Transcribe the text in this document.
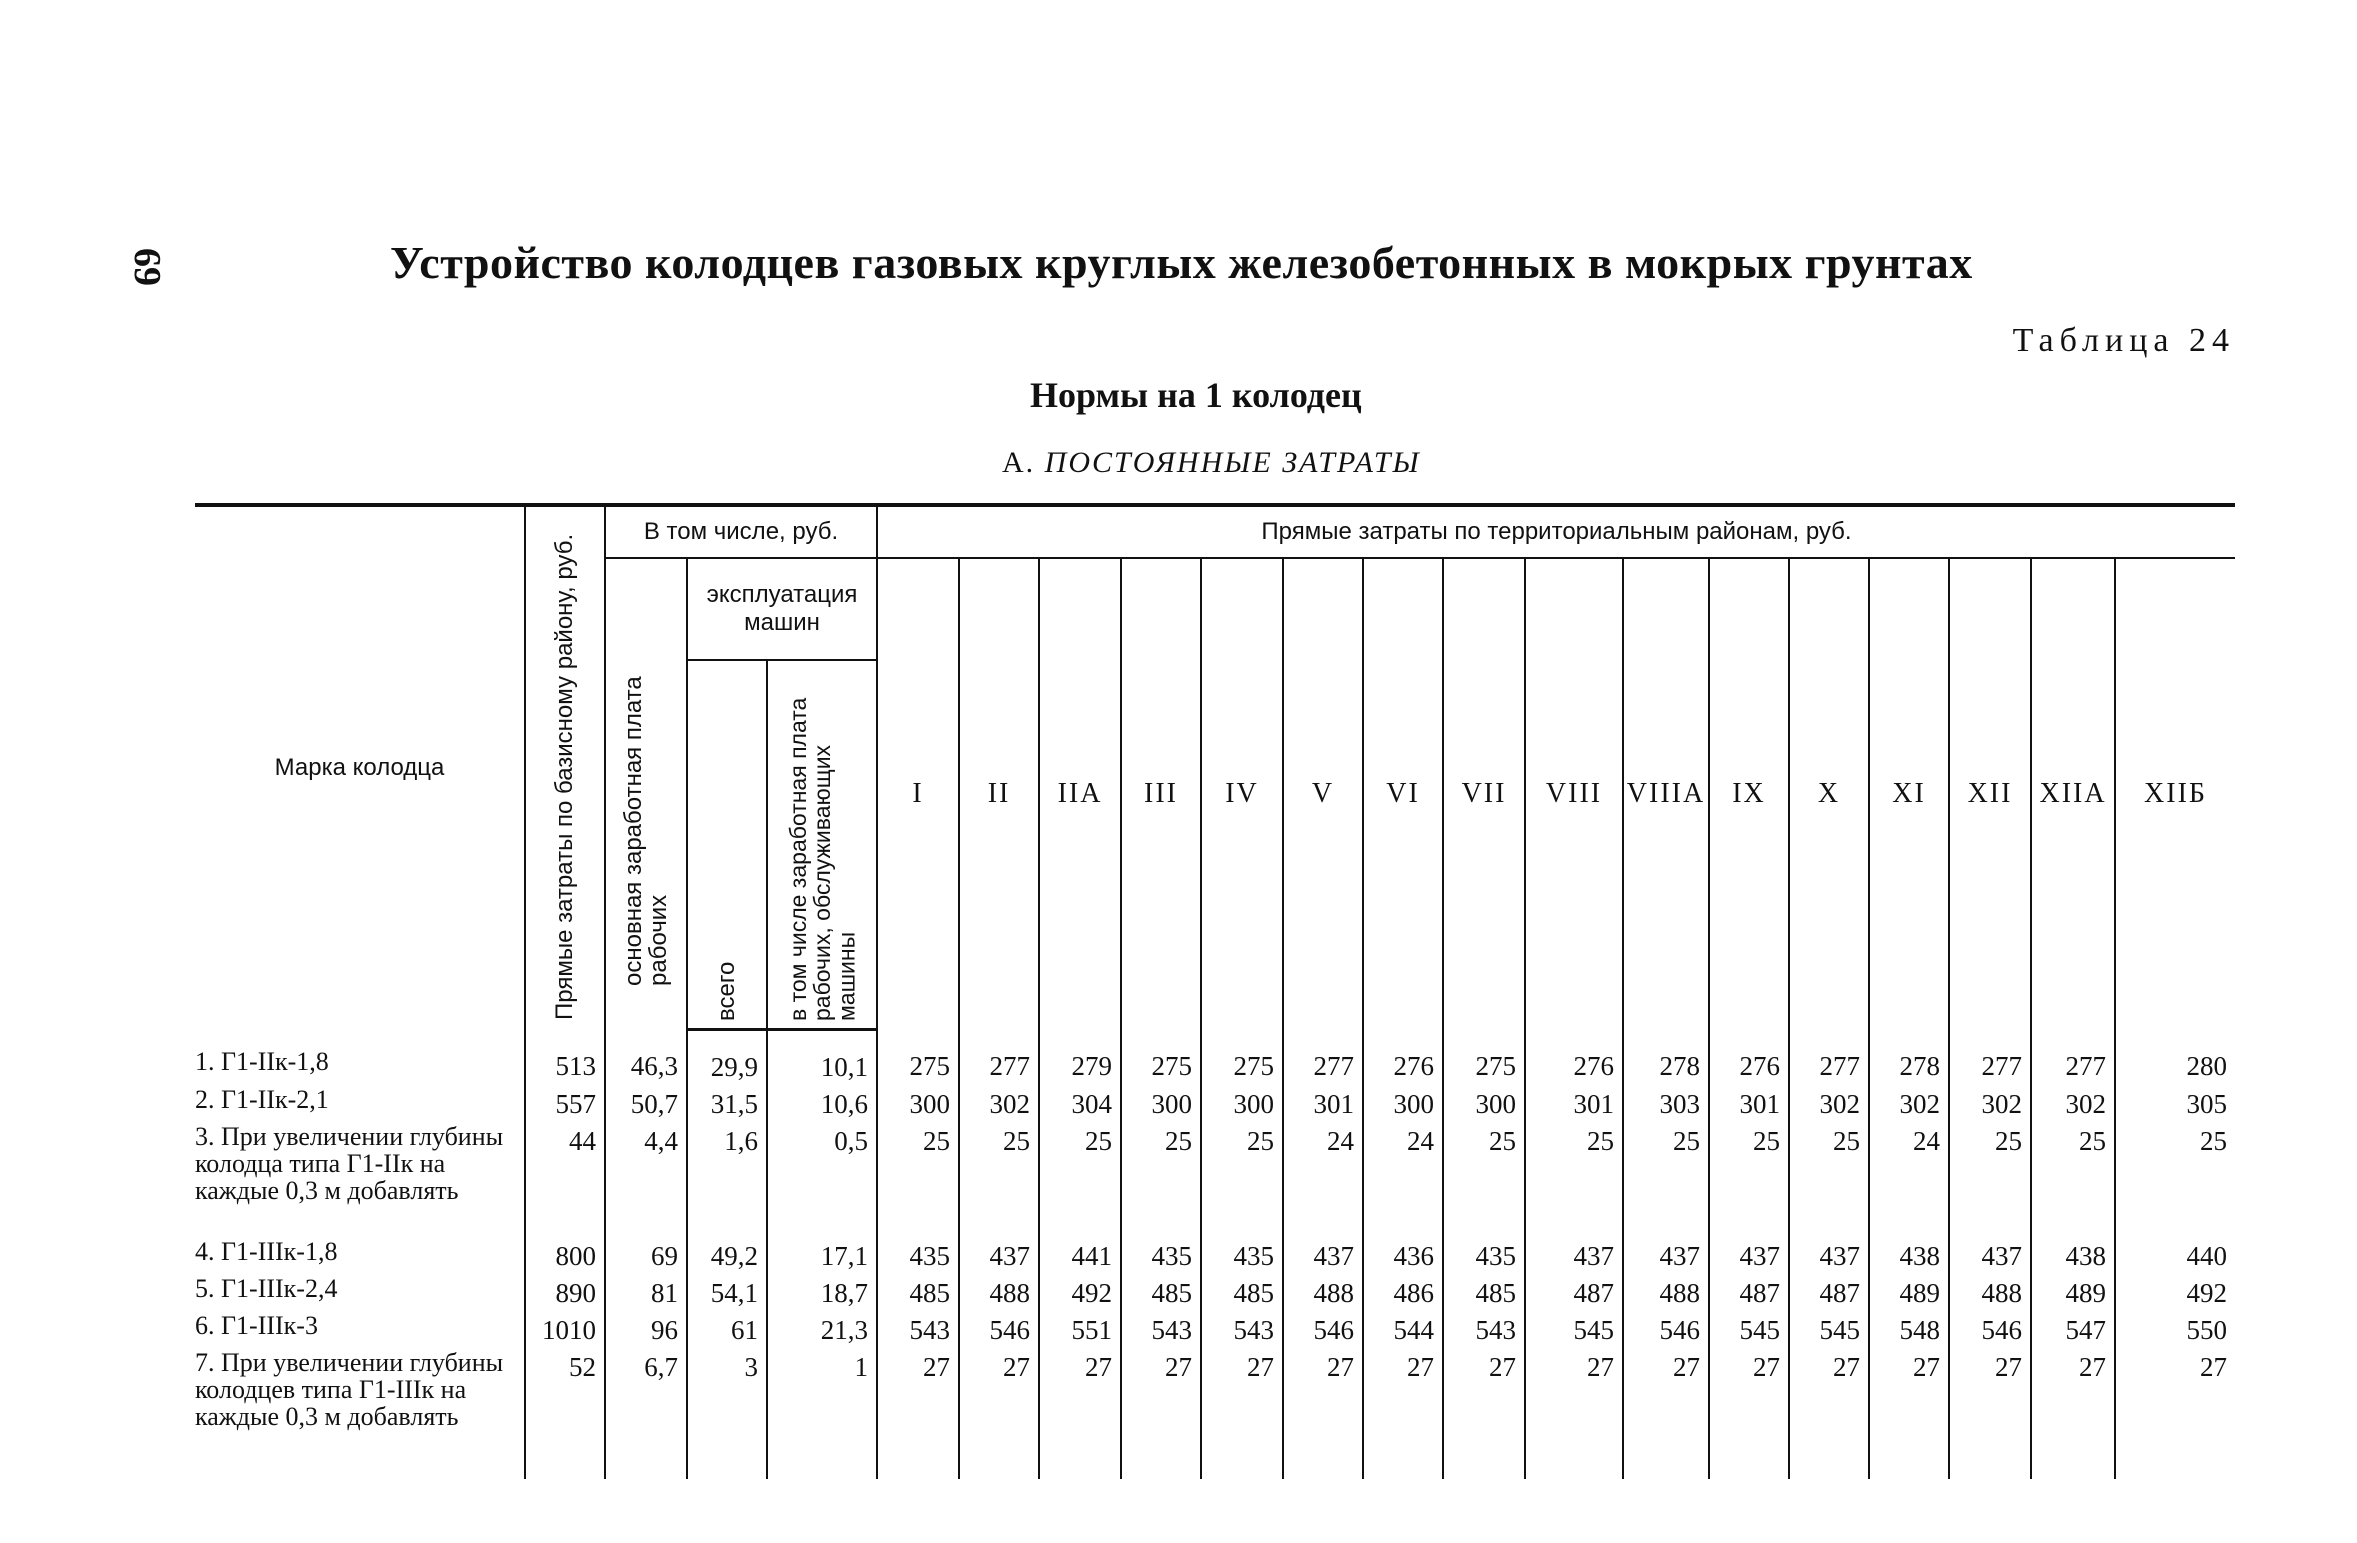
69	Устройство колодцев газовых круглых железобетонных в мокрых грунтах
Таблица 24
Нормы на 1 колодец
А. ПОСТОЯННЫЕ ЗАТРАТЫ
Марка колодца	Прямые затраты по базисному району, руб.	В том числе, руб.			Прямые затраты по территориальным районам, руб.															
		основная заработная плата рабочих	эксплуатация машин		I	II	IIA	III	IV	V	VI	VII	VIII	VIIIA	IX	X	XI	XII	XIIA	XIIБ
			всего	в том числе заработная плата рабочих, обслуживающих машины																
1. Г1-IIк-1,8	513	46,3	29,9	10,1	275	277	279	275	275	277	276	275	276	278	276	277	278	277	277	280
2. Г1-IIк-2,1	557	50,7	31,5	10,6	300	302	304	300	300	301	300	300	301	303	301	302	302	302	302	305
3. При увеличении глубины колодца типа Г1-IIк на каждые 0,3 м добавлять	44	4,4	1,6	0,5	25	25	25	25	25	24	24	25	25	25	25	25	24	25	25	25
4. Г1-IIIк-1,8	800	69	49,2	17,1	435	437	441	435	435	437	436	435	437	437	437	437	438	437	438	440
5. Г1-IIIк-2,4	890	81	54,1	18,7	485	488	492	485	485	488	486	485	487	488	487	487	489	488	489	492
6. Г1-IIIк-3	1010	96	61	21,3	543	546	551	543	543	546	544	543	545	546	545	545	548	546	547	550
7. При увеличении глубины колодцев типа Г1-IIIк на каждые 0,3 м добавлять	52	6,7	3	1	27	27	27	27	27	27	27	27	27	27	27	27	27	27	27	27
